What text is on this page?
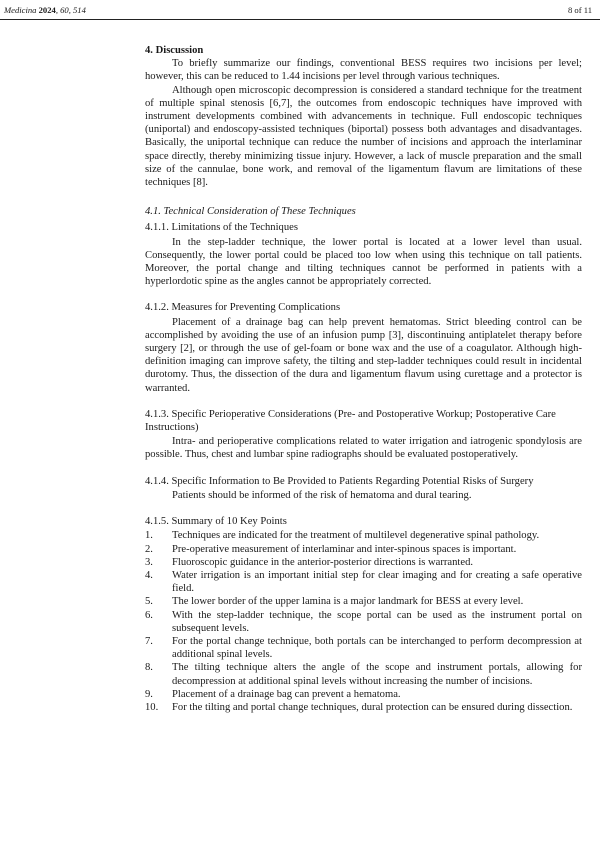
Medicina 2024, 60, 514	8 of 11
4. Discussion

To briefly summarize our findings, conventional BESS requires two incisions per level; however, this can be reduced to 1.44 incisions per level through various techniques.

Although open microscopic decompression is considered a standard technique for the treatment of multiple spinal stenosis [6,7], the outcomes from endoscopic techniques have improved with instrument developments combined with advancements in technique. Full endoscopic techniques (uniportal) and endoscopy-assisted techniques (biportal) possess both advantages and disadvantages. Basically, the uniportal technique can reduce the number of incisions and approach the interlaminar space directly, thereby minimizing tissue injury. However, a lack of muscle preparation and the small size of the cannulae, bone work, and removal of the ligamentum flavum are limitations of these techniques [8].

4.1. Technical Consideration of These Techniques
4.1.1. Limitations of the Techniques

In the step-ladder technique, the lower portal is located at a lower level than usual. Consequently, the lower portal could be placed too low when using this technique on tall patients. Moreover, the portal change and tilting techniques cannot be performed in patients with a hyperlordotic spine as the angles cannot be appropriately corrected.

4.1.2. Measures for Preventing Complications

Placement of a drainage bag can help prevent hematomas. Strict bleeding control can be accomplished by avoiding the use of an infusion pump [3], discontinuing antiplatelet therapy before surgery [2], or through the use of gel-foam or bone wax and the use of a coagulator. Although high-definition imaging can improve safety, the tilting and step-ladder techniques could result in incidental durotomy. Thus, the dissection of the dura and ligamentum flavum using curettage and a protector is warranted.

4.1.3. Specific Perioperative Considerations (Pre- and Postoperative Workup; Postoperative Care Instructions)

Intra- and perioperative complications related to water irrigation and iatrogenic spondylosis are possible. Thus, chest and lumbar spine radiographs should be evaluated postoperatively.

4.1.4. Specific Information to Be Provided to Patients Regarding Potential Risks of Surgery

Patients should be informed of the risk of hematoma and dural tearing.

4.1.5. Summary of 10 Key Points
1. Techniques are indicated for the treatment of multilevel degenerative spinal pathology.
2. Pre-operative measurement of interlaminar and inter-spinous spaces is important.
3. Fluoroscopic guidance in the anterior-posterior directions is warranted.
4. Water irrigation is an important initial step for clear imaging and for creating a safe operative field.
5. The lower border of the upper lamina is a major landmark for BESS at every level.
6. With the step-ladder technique, the scope portal can be used as the instrument portal on subsequent levels.
7. For the portal change technique, both portals can be interchanged to perform decompression at additional spinal levels.
8. The tilting technique alters the angle of the scope and instrument portals, allowing for decompression at additional spinal levels without increasing the number of incisions.
9. Placement of a drainage bag can prevent a hematoma.
10. For the tilting and portal change techniques, dural protection can be ensured during dissection.
